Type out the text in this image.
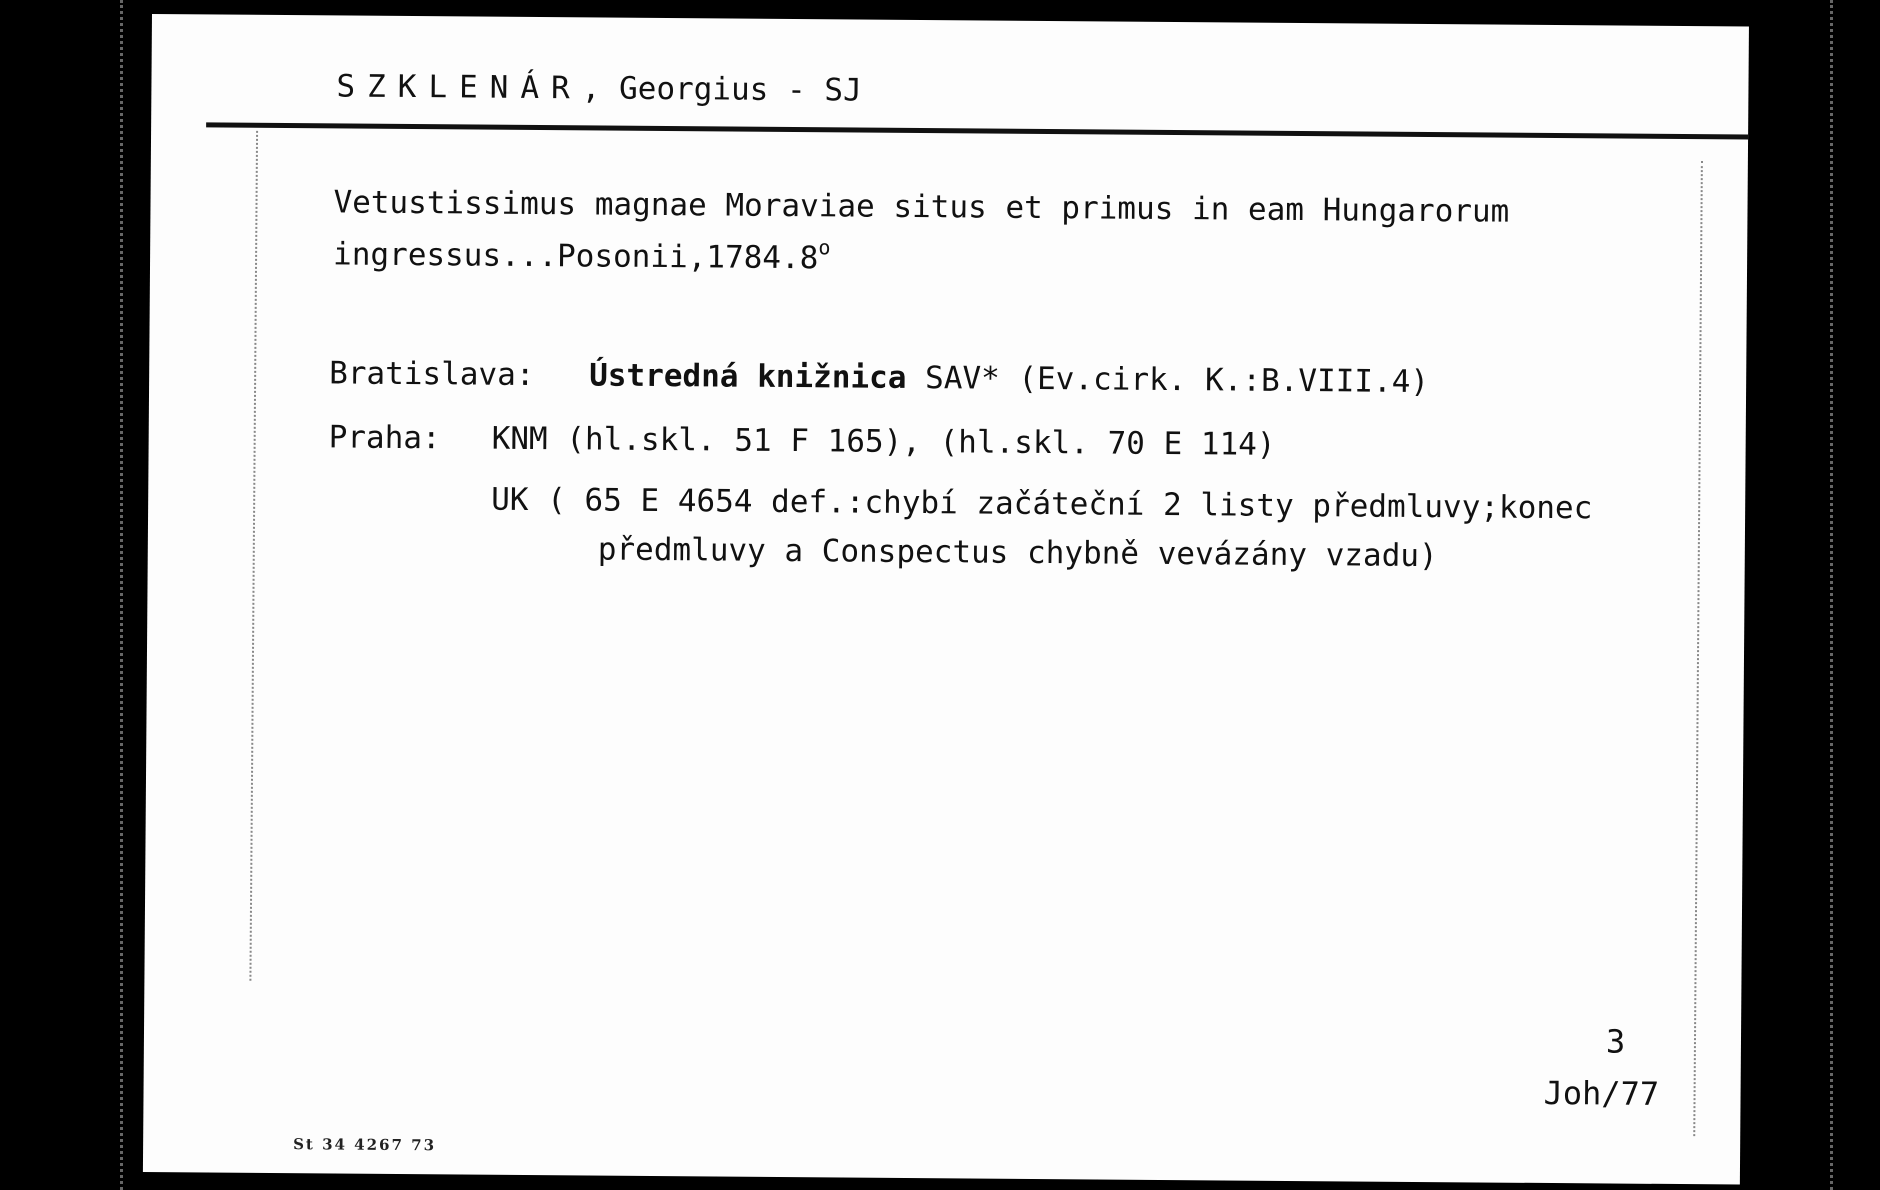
SZKLENÁR, Georgius - SJ
Vetustissimus magnae Moraviae situs et primus in eam Hungarorum
ingressus...Posonii,1784.8$^o$
Bratislava: Ústredná knižnica SAV* (Ev.cirk. K.:B.VIII.4)
Praha: KNM (hl.skl. 51 F 165), (hl.skl. 70 E 114)
UK ( 65 E 4654 def.:chybí začáteční 2 listy předmluvy;konec
předmluvy a Conspectus chybně vevázány vzadu)
3
Joh/77
St 34 4267 73
